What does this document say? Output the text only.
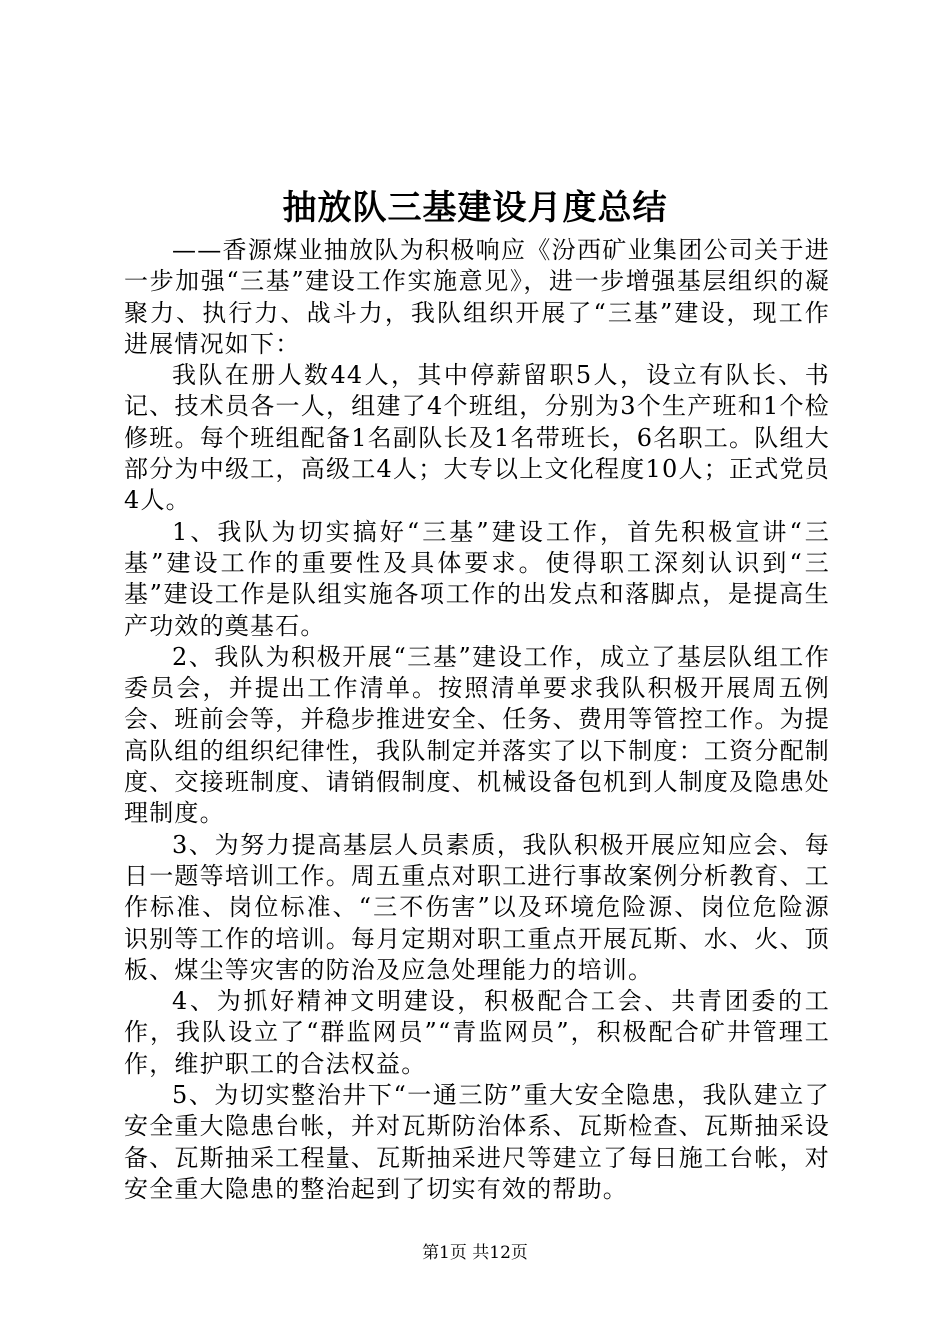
抽放队三基建设月度总结

——香源煤业抽放队为积极响应《汾西矿业集团公司关于进一步加强“三基”建设工作实施意见》，进一步增强基层组织的凝聚力、执行力、战斗力，我队组织开展了“三基”建设，现工作进展情况如下：

我队在册人数44人，其中停薪留职5人，设立有队长、书记、技术员各一人，组建了4个班组，分别为3个生产班和1个检修班。每个班组配备1名副队长及1名带班长，6名职工。队组大部分为中级工，高级工4人；大专以上文化程度10人；正式党员4人。

1、我队为切实搞好“三基”建设工作，首先积极宣讲“三基”建设工作的重要性及具体要求。使得职工深刻认识到“三基”建设工作是队组实施各项工作的出发点和落脚点，是提高生产功效的奠基石。

2、我队为积极开展“三基”建设工作，成立了基层队组工作委员会，并提出工作清单。按照清单要求我队积极开展周五例会、班前会等，并稳步推进安全、任务、费用等管控工作。为提高队组的组织纪律性，我队制定并落实了以下制度：工资分配制度、交接班制度、请销假制度、机械设备包机到人制度及隐患处理制度。

3、为努力提高基层人员素质，我队积极开展应知应会、每日一题等培训工作。周五重点对职工进行事故案例分析教育、工作标准、岗位标准、“三不伤害”以及环境危险源、岗位危险源识别等工作的培训。每月定期对职工重点开展瓦斯、水、火、顶板、煤尘等灾害的防治及应急处理能力的培训。

4、为抓好精神文明建设，积极配合工会、共青团委的工作，我队设立了“群监网员”“青监网员”，积极配合矿井管理工作，维护职工的合法权益。

5、为切实整治井下“一通三防”重大安全隐患，我队建立了安全重大隐患台帐，并对瓦斯防治体系、瓦斯检查、瓦斯抽采设备、瓦斯抽采工程量、瓦斯抽采进尺等建立了每日施工台帐，对安全重大隐患的整治起到了切实有效的帮助。

第1页 共12页
